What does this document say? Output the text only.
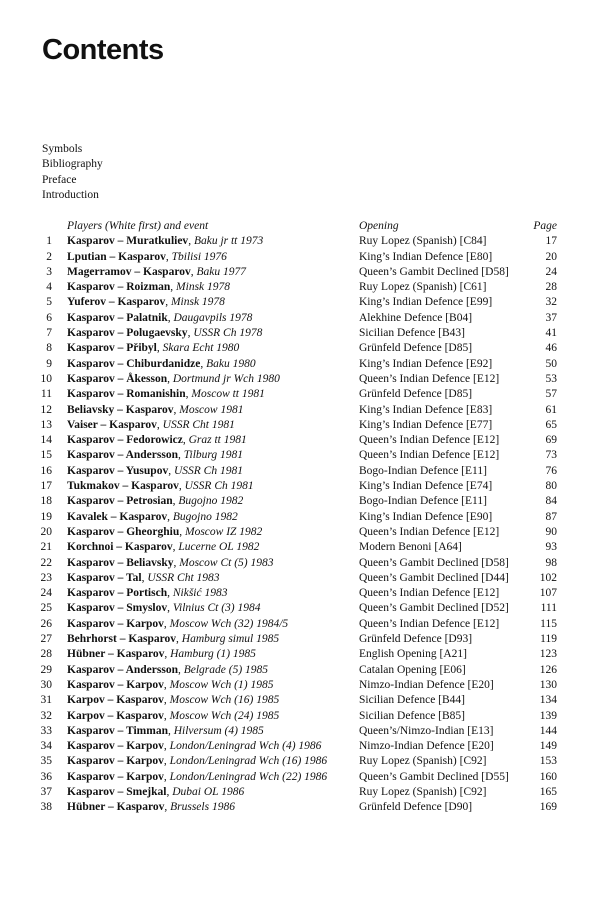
Contents
Symbols
Bibliography
Preface
Introduction
Players (White first) and event	Opening	Page
1 Kasparov – Muratkuliev, Baku jr tt 1973	Ruy Lopez (Spanish) [C84]	17
2 Lputian – Kasparov, Tbilisi 1976	King’s Indian Defence [E80]	20
3 Magerramov – Kasparov, Baku 1977	Queen’s Gambit Declined [D58]	24
4 Kasparov – Roizman, Minsk 1978	Ruy Lopez (Spanish) [C61]	28
5 Yuferov – Kasparov, Minsk 1978	King’s Indian Defence [E99]	32
6 Kasparov – Palatnik, Daugavpils 1978	Alekhine Defence [B04]	37
7 Kasparov – Polugaevsky, USSR Ch 1978	Sicilian Defence [B43]	41
8 Kasparov – Přibyl, Skara Echt 1980	Grünfeld Defence [D85]	46
9 Kasparov – Chiburdanidze, Baku 1980	King’s Indian Defence [E92]	50
10 Kasparov – Åkesson, Dortmund jr Wch 1980	Queen’s Indian Defence [E12]	53
11 Kasparov – Romanishin, Moscow tt 1981	Grünfeld Defence [D85]	57
12 Beliavsky – Kasparov, Moscow 1981	King’s Indian Defence [E83]	61
13 Vaiser – Kasparov, USSR Cht 1981	King’s Indian Defence [E77]	65
14 Kasparov – Fedorowicz, Graz tt 1981	Queen’s Indian Defence [E12]	69
15 Kasparov – Andersson, Tilburg 1981	Queen’s Indian Defence [E12]	73
16 Kasparov – Yusupov, USSR Ch 1981	Bogo-Indian Defence [E11]	76
17 Tukmakov – Kasparov, USSR Ch 1981	King’s Indian Defence [E74]	80
18 Kasparov – Petrosian, Bugojno 1982	Bogo-Indian Defence [E11]	84
19 Kavalek – Kasparov, Bugojno 1982	King’s Indian Defence [E90]	87
20 Kasparov – Gheorghiu, Moscow IZ 1982	Queen’s Indian Defence [E12]	90
21 Korchnoi – Kasparov, Lucerne OL 1982	Modern Benoni [A64]	93
22 Kasparov – Beliavsky, Moscow Ct (5) 1983	Queen’s Gambit Declined [D58]	98
23 Kasparov – Tal, USSR Cht 1983	Queen’s Gambit Declined [D44]	102
24 Kasparov – Portisch, Nikšić 1983	Queen’s Indian Defence [E12]	107
25 Kasparov – Smyslov, Vilnius Ct (3) 1984	Queen’s Gambit Declined [D52]	111
26 Kasparov – Karpov, Moscow Wch (32) 1984/5	Queen’s Indian Defence [E12]	115
27 Behrhorst – Kasparov, Hamburg simul 1985	Grünfeld Defence [D93]	119
28 Hübner – Kasparov, Hamburg (1) 1985	English Opening [A21]	123
29 Kasparov – Andersson, Belgrade (5) 1985	Catalan Opening [E06]	126
30 Kasparov – Karpov, Moscow Wch (1) 1985	Nimzo-Indian Defence [E20]	130
31 Karpov – Kasparov, Moscow Wch (16) 1985	Sicilian Defence [B44]	134
32 Karpov – Kasparov, Moscow Wch (24) 1985	Sicilian Defence [B85]	139
33 Kasparov – Timman, Hilversum (4) 1985	Queen’s/Nimzo-Indian [E13]	144
34 Kasparov – Karpov, London/Leningrad Wch (4) 1986	Nimzo-Indian Defence [E20]	149
35 Kasparov – Karpov, London/Leningrad Wch (16) 1986	Ruy Lopez (Spanish) [C92]	153
36 Kasparov – Karpov, London/Leningrad Wch (22) 1986	Queen’s Gambit Declined [D55]	160
37 Kasparov – Smejkal, Dubai OL 1986	Ruy Lopez (Spanish) [C92]	165
38 Hübner – Kasparov, Brussels 1986	Grünfeld Defence [D90]	169
